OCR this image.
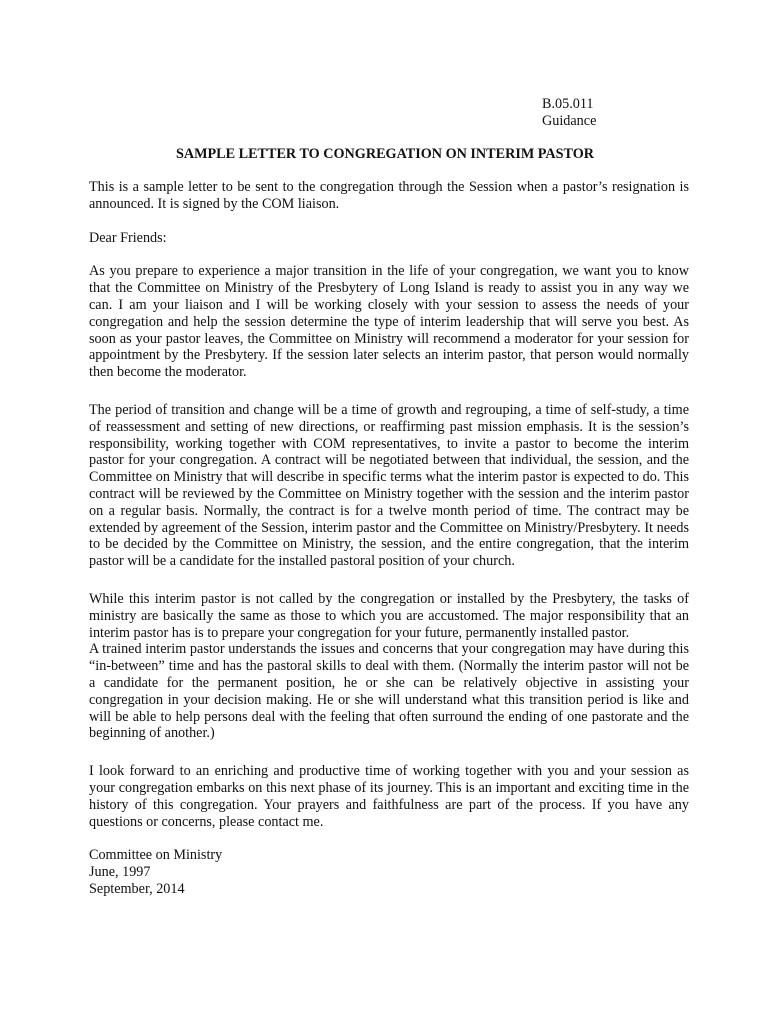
B.05.011
Guidance
SAMPLE LETTER TO CONGREGATION ON INTERIM PASTOR

This is a sample letter to be sent to the congregation through the Session when a pastor’s resignation is announced. It is signed by the COM liaison.

Dear Friends:

As you prepare to experience a major transition in the life of your congregation, we want you to know that the Committee on Ministry of the Presbytery of Long Island is ready to assist you in any way we can. I am your liaison and I will be working closely with your session to assess the needs of your congregation and help the session determine the type of interim leadership that will serve you best. As soon as your pastor leaves, the Committee on Ministry will recommend a moderator for your session for appointment by the Presbytery. If the session later selects an interim pastor, that person would normally then become the moderator.

The period of transition and change will be a time of growth and regrouping, a time of self-study, a time of reassessment and setting of new directions, or reaffirming past mission emphasis. It is the session’s responsibility, working together with COM representatives, to invite a pastor to become the interim pastor for your congregation. A contract will be negotiated between that individual, the session, and the Committee on Ministry that will describe in specific terms what the interim pastor is expected to do. This contract will be reviewed by the Committee on Ministry together with the session and the interim pastor on a regular basis. Normally, the contract is for a twelve month period of time. The contract may be extended by agreement of the Session, interim pastor and the Committee on Ministry/Presbytery. It needs to be decided by the Committee on Ministry, the session, and the entire congregation, that the interim pastor will be a candidate for the installed pastoral position of your church.

While this interim pastor is not called by the congregation or installed by the Presbytery, the tasks of ministry are basically the same as those to which you are accustomed. The major responsibility that an interim pastor has is to prepare your congregation for your future, permanently installed pastor.

A trained interim pastor understands the issues and concerns that your congregation may have during this “in-between” time and has the pastoral skills to deal with them. (Normally the interim pastor will not be a candidate for the permanent position, he or she can be relatively objective in assisting your congregation in your decision making. He or she will understand what this transition period is like and will be able to help persons deal with the feeling that often surround the ending of one pastorate and the beginning of another.)

I look forward to an enriching and productive time of working together with you and your session as your congregation embarks on this next phase of its journey. This is an important and exciting time in the history of this congregation. Your prayers and faithfulness are part of the process. If you have any questions or concerns, please contact me.

Committee on Ministry
June, 1997
September, 2014
